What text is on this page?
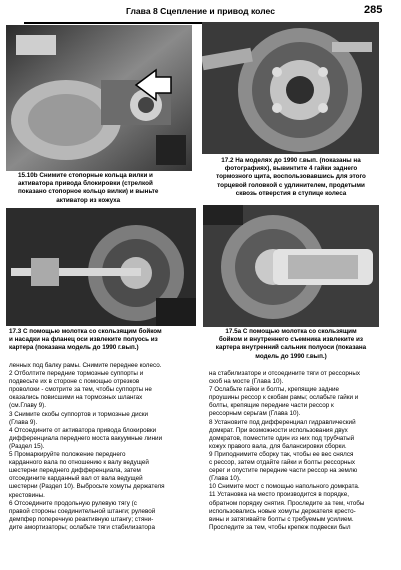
Глава 8 Сцепление и привод колес	285
15.10b Снимите стопорные кольца вилки и
активатора привода блокировки (стрелкой
показано стопорное кольцо вилки) и выньте
активатор из кожуха
17.2 На моделях до 1990 г.вып. (показаны на
фотографиях), вывинтите 4 гайки заднего
тормозного щита, воспользовавшись для этого
торцевой головкой с удлинителем, продетыми
сквозь отверстия в ступице колеса
17.3 С помощью молотка со скользящим бойком
и насадки на фланец оси извлеките полуось из
картера (показана модель до 1990 г.вып.)
17.5a С помощью молотка со скользящим
бойком и внутреннего съемника извлеките из
картера внутренний сальник полуоси (показана
модель до 1990 г.вып.)
ленных под балку рамы. Снимите переднее колесо.
2 Отболтите передние тормозные суппорты и
подвесьте их в стороне с помощью отрезков
проволоки - смотрите за тем, чтобы суппорты не
оказались повисшими на тормозных шлангах
(см.Главу 9).
3 Снимите скобы суппортов и тормозные диски
(Глава 9).
4 Отсоедините от активатора привода блокировки
дифференциала переднего моста вакуумные линии
(Раздел 15).
5 Промаркируйте положение переднего
карданного вала по отношению к валу ведущей
шестерни переднего дифференциала, затем
отсоедините карданный вал от вала ведущей
шестерни (Раздел 10). Выбросьте хомуты держателя
крестовины.
6 Отсоедините продольную рулевую тягу (с
правой стороны соединительной штанги; рулевой
демпфер поперечную реактивную штангу; стяни-
дите амортизаторы; ослабьте тяги стабилизатора
на стабилизаторе и отсоедините тяги от рессорных
скоб на мосте (Глава 10).
7 Ослабьте гайки и болты, крепящие задние
проушины рессор к скобам рамы; ослабьте гайки и
болты, крепящие передние части рессор к
рессорным серьгам (Глава 10).
8 Установите под дифференциал гидравлический
домкрат. При возможности использования двух
домкратов, поместите один из них под трубчатый
кожух правого вала, для балансировки сборки.
9 Приподнимите сборку так, чтобы ее вес снялся
с рессор, затем отдайте гайки и болты рессорных
серег и опустите передние части рессор на землю
(Глава 10).
10 Снимите мост с помощью напольного домкрата.
11 Установка на место производится в порядке,
обратном порядку снятия. Проследите за тем, чтобы
использовались новые хомуты держателя кресто-
вины и затягивайте болты с требуемым усилием.
Проследите за тем, чтобы крепеж подвески был
